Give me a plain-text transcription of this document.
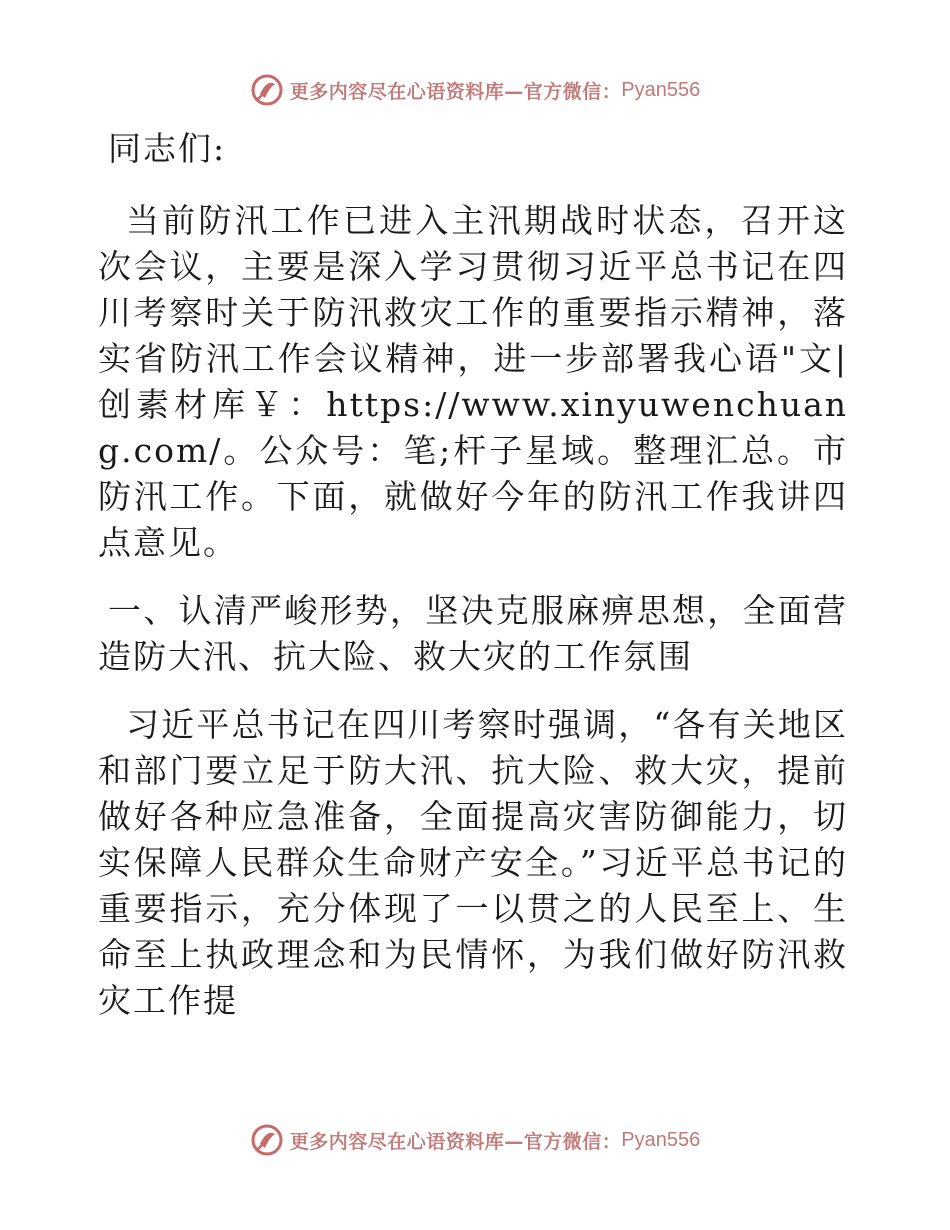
更多内容尽在心语资料库—官方微信： Pyan556

同志们:

当前防汛工作已进入主汛期战时状态，召开这次会议，主要是深入学习贯彻习近平总书记在四川考察时关于防汛救灾工作的重要指示精神，落实省防汛工作会议精神，进一步部署我心语"文|创素材库￥：https://www.xinyuwenchuang.com/。公众号：笔;杆子星域。整理汇总。市防汛工作。下面，就做好今年的防汛工作我讲四点意见。

一、认清严峻形势，坚决克服麻痹思想，全面营造防大汛、抗大险、救大灾的工作氛围

习近平总书记在四川考察时强调，“各有关地区和部门要立足于防大汛、抗大险、救大灾，提前做好各种应急准备，全面提高灾害防御能力，切实保障人民群众生命财产安全。”习近平总书记的重要指示，充分体现了一以贯之的人民至上、生命至上执政理念和为民情怀，为我们做好防汛救灾工作提

更多内容尽在心语资料库—官方微信： Pyan556
